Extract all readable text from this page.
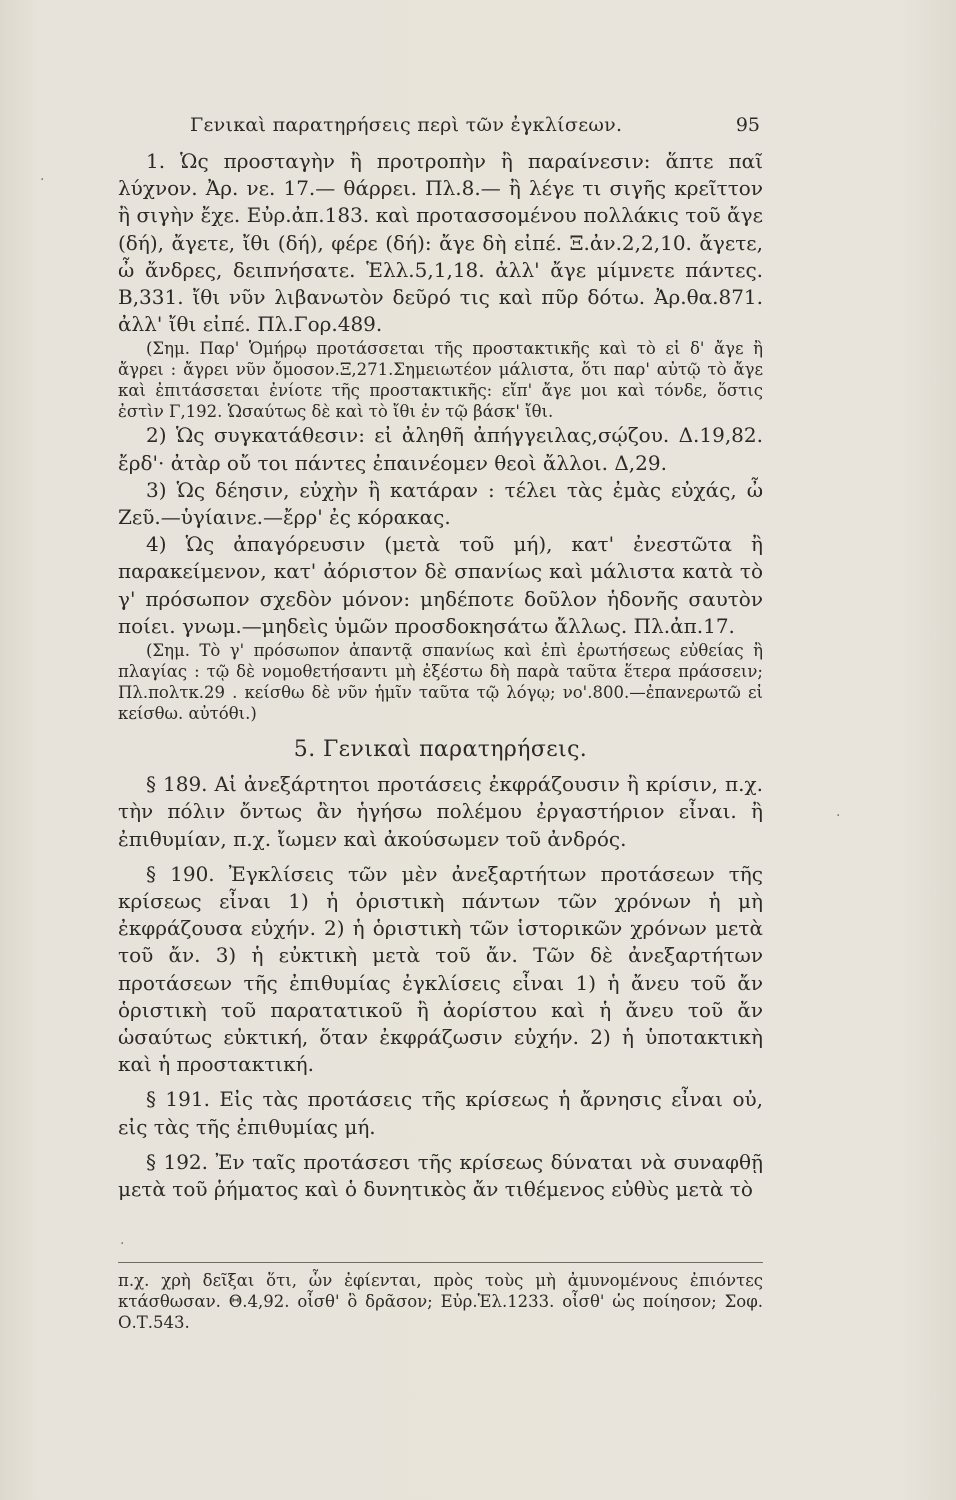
Γενικαὶ παρατηρήσεις περὶ τῶν ἐγκλίσεων.	95

1. Ὡς προσταγὴν ἢ προτροπὴν ἢ παραίνεσιν: ἅπτε παῖ λύχνον. Ἀρ. νε. 17.— θάρρει. Πλ.8.— ἢ λέγε τι σιγῆς κρεῖττον ἢ σιγὴν ἔχε. Εὐρ.ἀπ.183. καὶ προτασσομένου πολλάκις τοῦ ἄγε (δή), ἄγετε, ἴθι (δή), φέρε (δή): ἄγε δὴ εἰπέ. Ξ.ἀν.2,2,10. ἄγετε, ὦ ἄνδρες, δειπνήσατε. Ἑλλ.5,1,18. ἀλλ' ἄγε μίμνετε πάντες. Β,331. ἴθι νῦν λιβανωτὸν δεῦρό τις καὶ πῦρ δότω. Ἀρ.θα.871. ἀλλ' ἴθι εἰπέ. Πλ.Γορ.489.

(Σημ. Παρ' Ὁμήρῳ προτάσσεται τῆς προστακτικῆς καὶ τὸ εἰ δ' ἄγε ἢ ἄγρει : ἄγρει νῦν ὄμοσον.Ξ,271.Σημειωτέον μάλιστα, ὅτι παρ' αὐτῷ τὸ ἄγε καὶ ἐπιτάσσεται ἐνίοτε τῆς προστακτικῆς: εἴπ' ἄγε μοι καὶ τόνδε, ὅστις ἐστὶν Γ,192. Ὡσαύτως δὲ καὶ τὸ ἴθι ἐν τῷ βάσκ' ἴθι.

2) Ὡς συγκατάθεσιν: εἰ ἀληθῆ ἀπήγγειλας,σῴζου. Δ.19,82. ἔρδ'· ἀτὰρ οὔ τοι πάντες ἐπαινέομεν θεοὶ ἄλλοι. Δ,29.

3) Ὡς δέησιν, εὐχὴν ἢ κατάραν : τέλει τὰς ἐμὰς εὐχάς, ὦ Ζεῦ.—ὑγίαινε.—ἔρρ' ἐς κόρακας.

4) Ὡς ἀπαγόρευσιν (μετὰ τοῦ μή), κατ' ἐνεστῶτα ἢ παρακείμενον, κατ' ἀόριστον δὲ σπανίως καὶ μάλιστα κατὰ τὸ γ' πρόσωπον σχεδὸν μόνον: μηδέποτε δοῦλον ἡδονῆς σαυτὸν ποίει. γνωμ.—μηδεὶς ὑμῶν προσδοκησάτω ἄλλως. Πλ.ἀπ.17.

(Σημ. Τὸ γ' πρόσωπον ἀπαντᾷ σπανίως καὶ ἐπὶ ἐρωτήσεως εὐθείας ἢ πλαγίας : τῷ δὲ νομοθετήσαντι μὴ ἐξέστω δὴ παρὰ ταῦτα ἕτερα πράσσειν; Πλ.πολτκ.29 . κείσθω δὲ νῦν ἡμῖν ταῦτα τῷ λόγῳ; νο'.800.—ἐπανερωτῶ εἰ κείσθω. αὐτόθι.)

5. Γενικαὶ παρατηρήσεις.

§ 189. Αἱ ἀνεξάρτητοι προτάσεις ἐκφράζουσιν ἢ κρίσιν, π.χ. τὴν πόλιν ὄντως ἂν ἡγήσω πολέμου ἐργαστήριον εἶναι. ἢ ἐπιθυμίαν, π.χ. ἴωμεν καὶ ἀκούσωμεν τοῦ ἀνδρός.

§ 190. Ἐγκλίσεις τῶν μὲν ἀνεξαρτήτων προτάσεων τῆς κρίσεως εἶναι 1) ἡ ὁριστικὴ πάντων τῶν χρόνων ἡ μὴ ἐκφράζουσα εὐχήν. 2) ἡ ὁριστικὴ τῶν ἱστορικῶν χρόνων μετὰ τοῦ ἄν. 3) ἡ εὐκτικὴ μετὰ τοῦ ἄν. Τῶν δὲ ἀνεξαρτήτων προτάσεων τῆς ἐπιθυμίας ἐγκλίσεις εἶναι 1) ἡ ἄνευ τοῦ ἄν ὁριστικὴ τοῦ παρατατικοῦ ἢ ἀορίστου καὶ ἡ ἄνευ τοῦ ἄν ὡσαύτως εὐκτική, ὅταν ἐκφράζωσιν εὐχήν. 2) ἡ ὑποτακτικὴ καὶ ἡ προστακτική.

§ 191. Εἰς τὰς προτάσεις τῆς κρίσεως ἡ ἄρνησις εἶναι οὐ, εἰς τὰς τῆς ἐπιθυμίας μή.

§ 192. Ἐν ταῖς προτάσεσι τῆς κρίσεως δύναται νὰ συναφθῇ μετὰ τοῦ ῥήματος καὶ ὁ δυνητικὸς ἄν τιθέμενος εὐθὺς μετὰ τὸ

π.χ. χρὴ δεῖξαι ὅτι, ὧν ἐφίενται, πρὸς τοὺς μὴ ἀμυνομένους ἐπιόντες κτάσθωσαν. Θ.4,92. οἶσθ' ὃ δρᾶσον; Εὐρ.Ἑλ.1233. οἶσθ' ὡς ποίησον; Σοφ. Ο.Τ.543.
·
·
·
